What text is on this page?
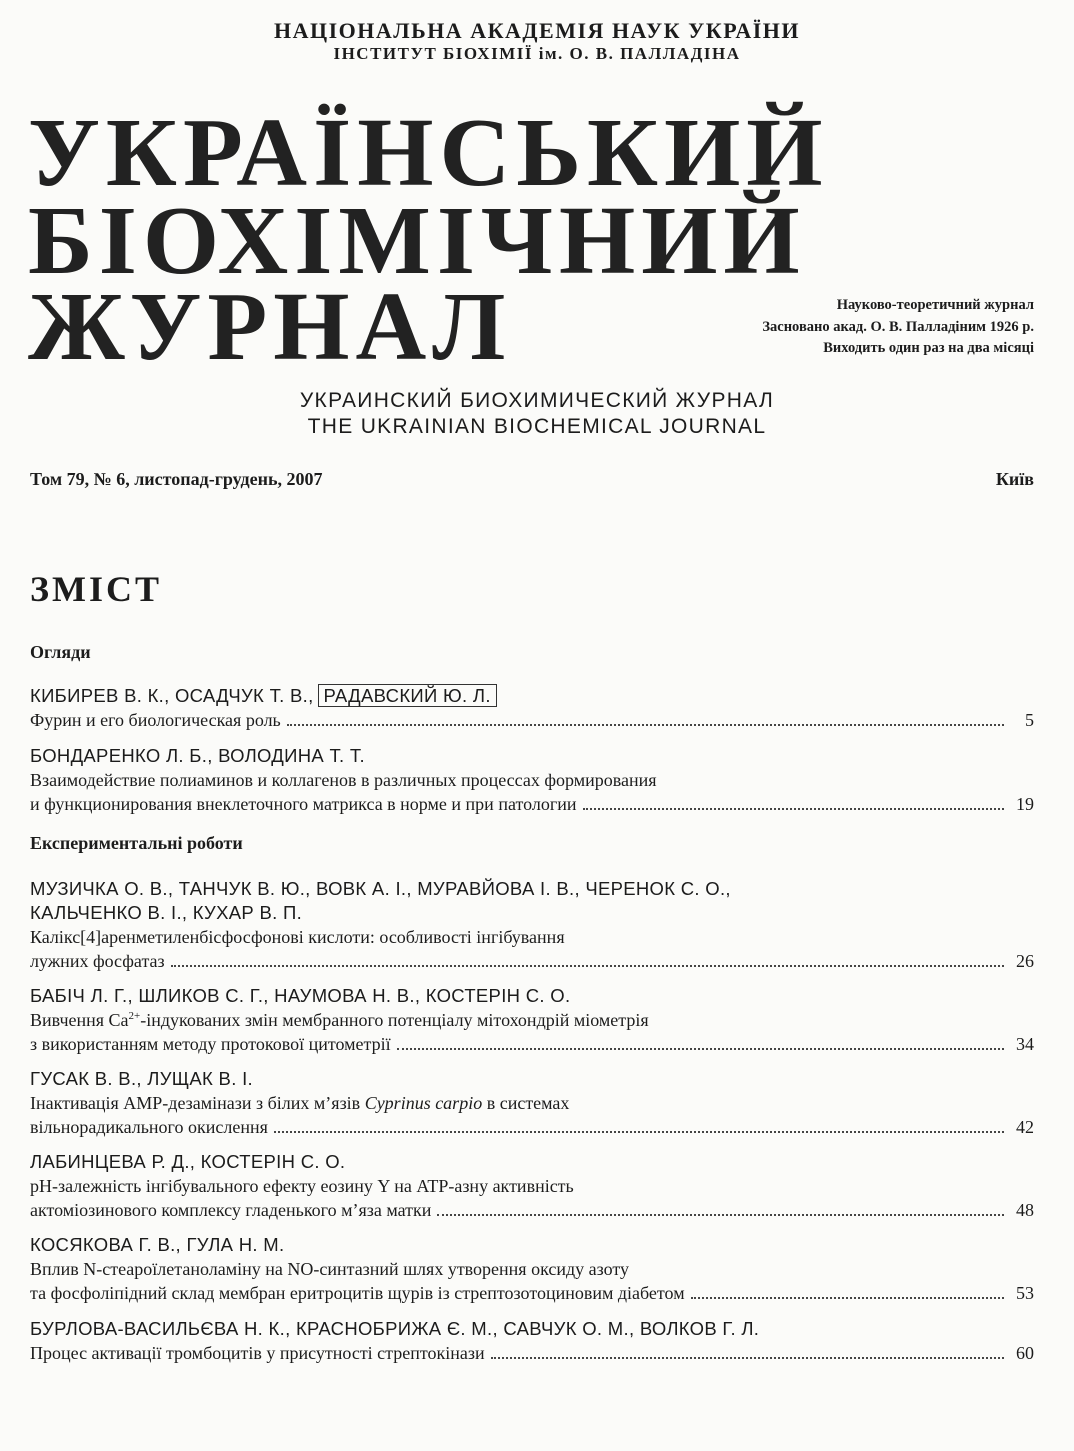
НАЦІОНАЛЬНА АКАДЕМІЯ НАУК УКРАЇНИ
ІНСТИТУТ БІОХІМІЇ ім. О. В. ПАЛЛАДІНА
УКРАЇНСЬКИЙ
БІОХІМІЧНИЙ
ЖУРНАЛ	Науково-теоретичний журнал
Засновано акад. О. В. Палладіним 1926 р.
Виходить один раз на два місяці
УКРАИНСКИЙ БИОХИМИЧЕСКИЙ ЖУРНАЛ
THE UKRAINIAN BIOCHEMICAL JOURNAL
Том 79, № 6, листопад-грудень, 2007	Київ
ЗМІСТ
Огляди
КИБИРЕВ В. К., ОСАДЧУК Т. В., РАДАВСКИЙ Ю. Л.
Фурин и его биологическая роль	5
БОНДАРЕНКО Л. Б., ВОЛОДИНА Т. Т.
Взаимодействие полиаминов и коллагенов в различных процессах формирования
и функционирования внеклеточного матрикса в норме и при патологии	19
Експериментальні роботи
МУЗИЧКА О. В., ТАНЧУК В. Ю., ВОВК А. І., МУРАВЙОВА І. В., ЧЕРЕНОК С. О.,
КАЛЬЧЕНКО В. І., КУХАР В. П.
Калікс[4]аренметиленбісфосфонові кислоти: особливості інгібування
лужних фосфатаз	26
БАБІЧ Л. Г., ШЛИКОВ С. Г., НАУМОВА Н. В., КОСТЕРІН С. О.
Вивчення $Ca^{2+}$-індукованих змін мембранного потенціалу мітохондрій міометрія
з використанням методу протокової цитометрії	34
ГУСАК В. В., ЛУЩАК В. І.
Інактивація AMP-дезамінази з білих м’язів Cyprinus carpio в системах
вільнорадикального окислення	42
ЛАБИНЦЕВА Р. Д., КОСТЕРІН С. О.
pH-залежність інгібувального ефекту еозину Y на ATP-азну активність
актоміозинового комплексу гладенького м’яза матки	48
КОСЯКОВА Г. В., ГУЛА Н. М.
Вплив N-стеароїлетаноламіну на NO-синтазний шлях утворення оксиду азоту
та фосфоліпідний склад мембран еритроцитів щурів із стрептозотоциновим діабетом	53
БУРЛОВА-ВАСИЛЬЄВА Н. К., КРАСНОБРИЖА Є. М., САВЧУК О. М., ВОЛКОВ Г. Л.
Процес активації тромбоцитів у присутності стрептокінази	60
